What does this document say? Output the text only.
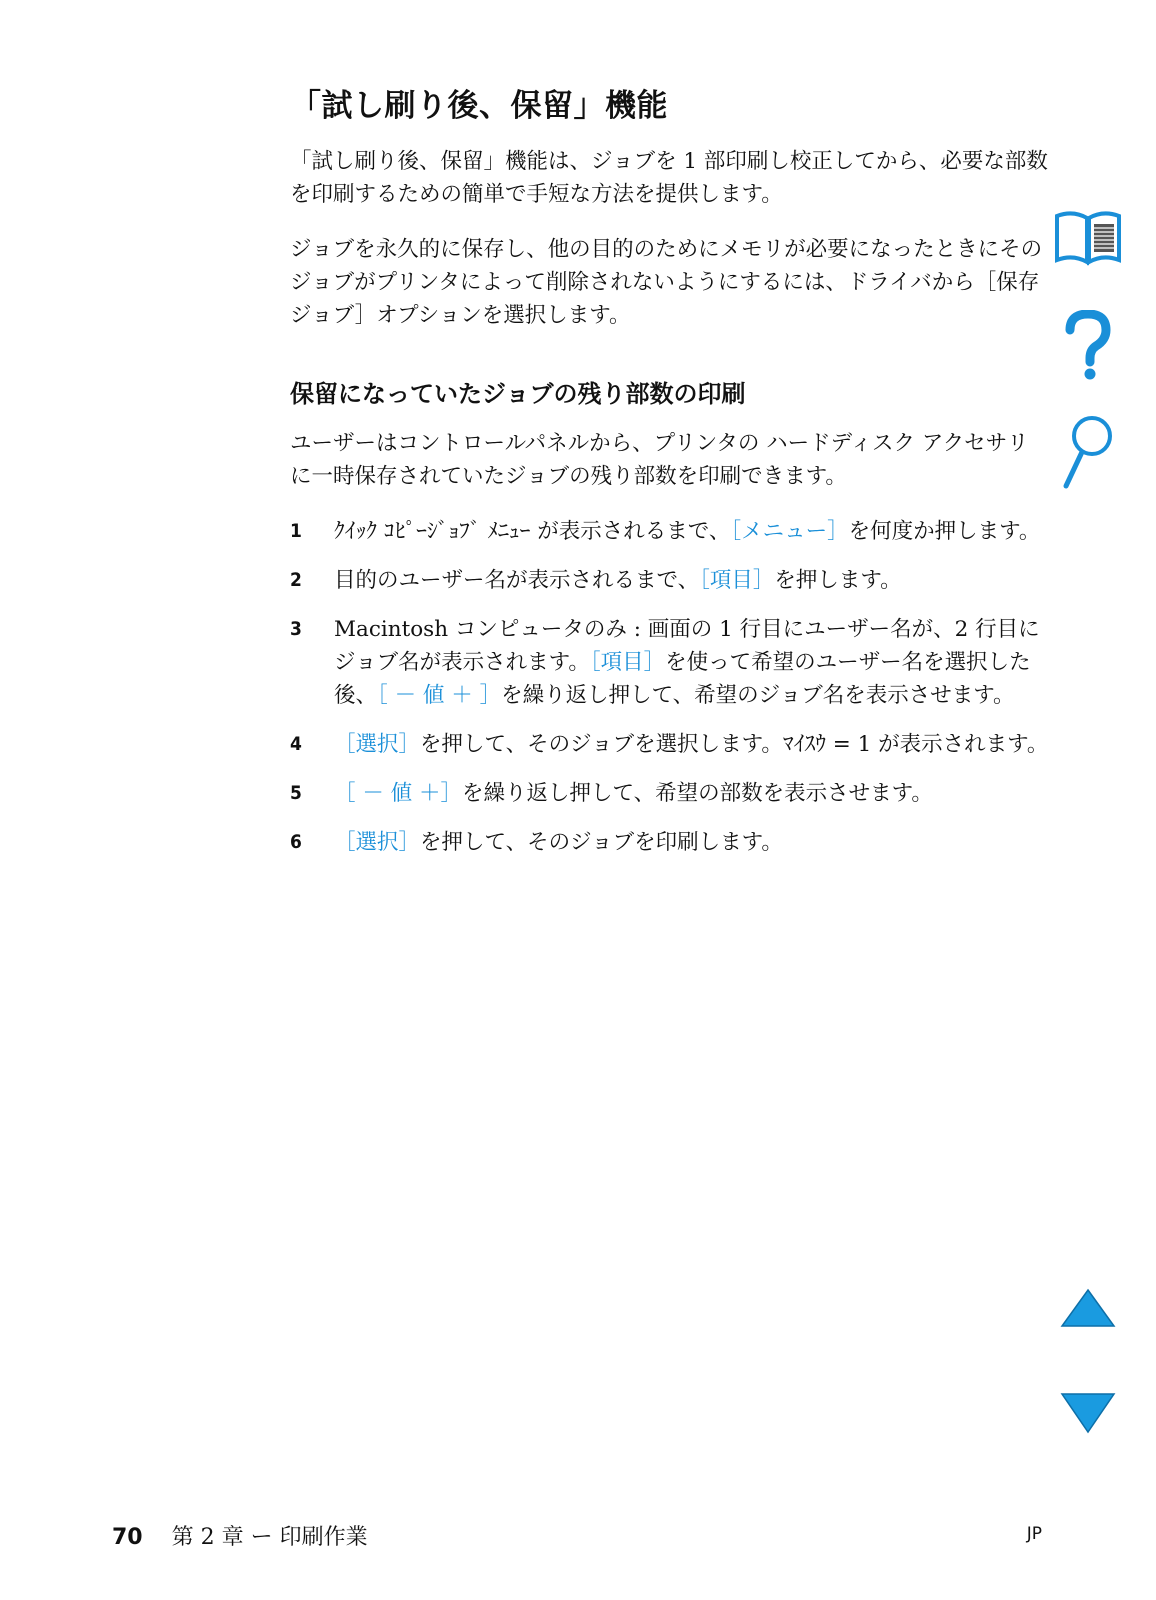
「試し刷り後、保留」機能

「試し刷り後、保留」機能は、ジョブを 1 部印刷し校正してから、必要な部数を印刷するための簡単で手短な方法を提供します。

ジョブを永久的に保存し、他の目的のためにメモリが必要になったときにそのジョブがプリンタによって削除されないようにするには、ドライバから［保存ジョブ］オプションを選択します。

保留になっていたジョブの残り部数の印刷

ユーザーはコントロールパネルから、プリンタの ハードディスク アクセサリに一時保存されていたジョブの残り部数を印刷できます。

1 ｸｲｯｸ ｺﾋﾟｰｼﾞｮﾌﾞ ﾒﾆｭｰ が表示されるまで、［メニュー］を何度か押します。
2 目的のユーザー名が表示されるまで、［項目］を押します。
3 Macintosh コンピュータのみ : 画面の 1 行目にユーザー名が、2 行目にジョブ名が表示されます。［項目］を使って希望のユーザー名を選択した後、［ － 値 ＋ ］を繰り返し押して、希望のジョブ名を表示させます。
4 ［選択］を押して、そのジョブを選択します。ﾏｲｽｳ = 1 が表示されます。
5 ［ － 値 ＋］を繰り返し押して、希望の部数を表示させます。
6 ［選択］を押して、そのジョブを印刷します。
70 第 2 章 ー 印刷作業	JP
